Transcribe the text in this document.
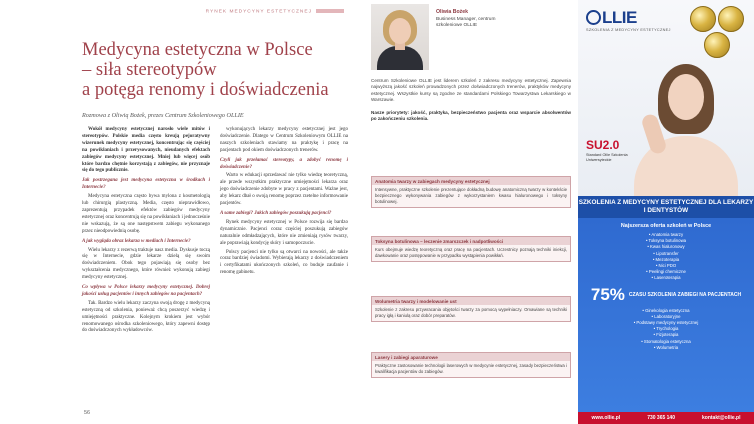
RYNEK MEDYCYNY ESTETYCZNEJ
Medycyna estetyczna w Polsce
– siła stereotypów
a potęga renomy i doświadczenia
Rozmowa z Oliwią Bożek, prezes Centrum Szkoleniowego OLLIE

Wokół medycyny estetycznej narosło wiele mitów i stereotypów. Polskie media często kreują pejoratywny wizerunek medycyny estetycznej, koncentrując się częściej na powikłaniach i przerysowanych, nieudanych efektach zabiegów medycyny estetycznej. Mniej lub więcej osób które bardzo chętnie korzystają z zabiegów, nie przyznaje się do tego publicznie.

Jak postrzegana jest medycyna estetyczna w środkach i Internecie?

Medycyna estetyczna często bywa mylona z kosmetologią lub chirurgią plastyczną. Media, często nieprawidłowo, zaprezentują przypadek efektów zabiegów medycyny estetycznej oraz koncentrują się na powikłaniach i jednocześnie nie wskazują, że są one następstwem zabiegu wykonanego przez nieodpowiednią osobę.

A jak wygląda obraz lekarza w mediach i Internecie?

Wielu lekarzy z rezerwą traktuje nasz media. Dyskusje toczą się w Internecie, gdzie lekarze dzielą się swoim doświadczeniem. Obok tego pojawiają się osoby bez wykształcenia medycznego, które również wykonują zabiegi medycyny estetycznej.

Co wpływa w Polsce lekarzy medycyny estetycznej. Dobrej jakości usług pacjentów i innych zabiegów na pacjentach?

Tak. Bardzo wielu lekarzy zaczyna swoją drogę z medycyną estetyczną od szkolenia, ponieważ chcą poszerzyć wiedzę i umiejętności praktyczne. Kolejnym krokiem jest wybór renomowanego ośrodka szkoleniowego, który zapewni dostęp do doświadczonych wykładowców.

wykonujących lekarzy medycyny estetycznej jest jego doświadczenie. Dlatego w Centrum Szkoleniowym OLLIE na naszych szkoleniach stawiamy na praktykę i pracę na pacjentach pod okiem doświadczonych trenerów.

Czyli jak przełamać stereotypy, a zdobyć renomę i doświadczenie?

Warto w edukacji sprzedawać nie tylko wiedzę teoretyczną, ale przede wszystkim praktyczne umiejętności lekarza oraz jego doświadczenie zdobyte w pracy z pacjentami. Ważne jest, aby lekarz dbał o swoją renomę poprzez rzetelne informowanie pacjentów.

A same zabiegi? Jakich zabiegów poszukują pacjenci?

Rynek medycyny estetycznej w Polsce rozwija się bardzo dynamicznie. Pacjenci coraz częściej poszukują zabiegów naturalnie odmładzających, które nie zmieniają rysów twarzy, ale poprawiają kondycję skóry i samopoczucie.

Polscy pacjenci nie tylko są otwarci na nowości, ale także coraz bardziej świadomi. Wybierają lekarzy z doświadczeniem i certyfikatami ukończonych szkoleń, co buduje zaufanie i renomę gabinetu.

56
Oliwia Bożek
Business Manager, centrum szkoleniowe OLLIE
Centrum Szkoleniowe OLLIE jest liderem szkoleń z zakresu medycyny estetycznej. Zapewnia najwyższą jakość szkoleń prowadzonych przez doświadczonych trenerów, praktyków medycyny estetycznej. Wszystkie kursy są zgodne ze standardami Polskiego Towarzystwa Lekarskiego w Warszawie.
Nasze priorytety: jakość, praktyka, bezpieczeństwo pacjenta oraz wsparcie absolwentów po zakończeniu szkolenia.
Anatomia twarzy w zabiegach medycyny estetycznej
Intensywne, praktyczne szkolenie prezentujące dokładną budowę anatomiczną twarzy w kontekście bezpiecznego wykonywania zabiegów z wykorzystaniem kwasu hialuronowego i toksyny botulinowej.
Toksyna botulinowa – leczenie zmarszczek i nadpotliwości
Kurs obejmuje wiedzę teoretyczną oraz pracę na pacjentach. Uczestnicy poznają techniki iniekcji, dawkowanie oraz postępowanie w przypadku wystąpienia powikłań.
Wolumetria twarzy i modelowanie ust
Szkolenie z zakresu przywracania objętości twarzy za pomocą wypełniaczy. Omawiane są techniki pracy igłą i kaniulą oraz dobór preparatów.
Lasery i zabiegi aparaturowe
Praktyczne zastosowanie technologii laserowych w medycynie estetycznej, zasady bezpieczeństwa i kwalifikacja pacjentów do zabiegów.
LLIE
SZKOLENIA Z MEDYCYNY ESTETYCZNEJ
SU2.0
Standard Ollie Szkolenia Uniwersyteckie
SZKOLENIA Z MEDYCYNY ESTETYCZNEJ DLA LEKARZY I DENTYSTÓW
Najszersza oferta szkoleń w Polsce
• Anatomia twarzy
• Toksyna botulinowa
• Kwas hialuronowy
• Lipotransfer
• Mezoterapia
• Nici PDO
• Peelingi chemiczne
• Laseroterapia
75% CZASU SZKOLENIA ZABIEGI NA PACJENTACH
• Ginekologia estetyczna
• Laboratoryjne
• Podstawy medycyny estetycznej
• Trychologia
• Fizjoterapia
• Stomatologia estetyczna
• Wolumetria
www.ollie.pl	730 365 140	kontakt@ollie.pl
